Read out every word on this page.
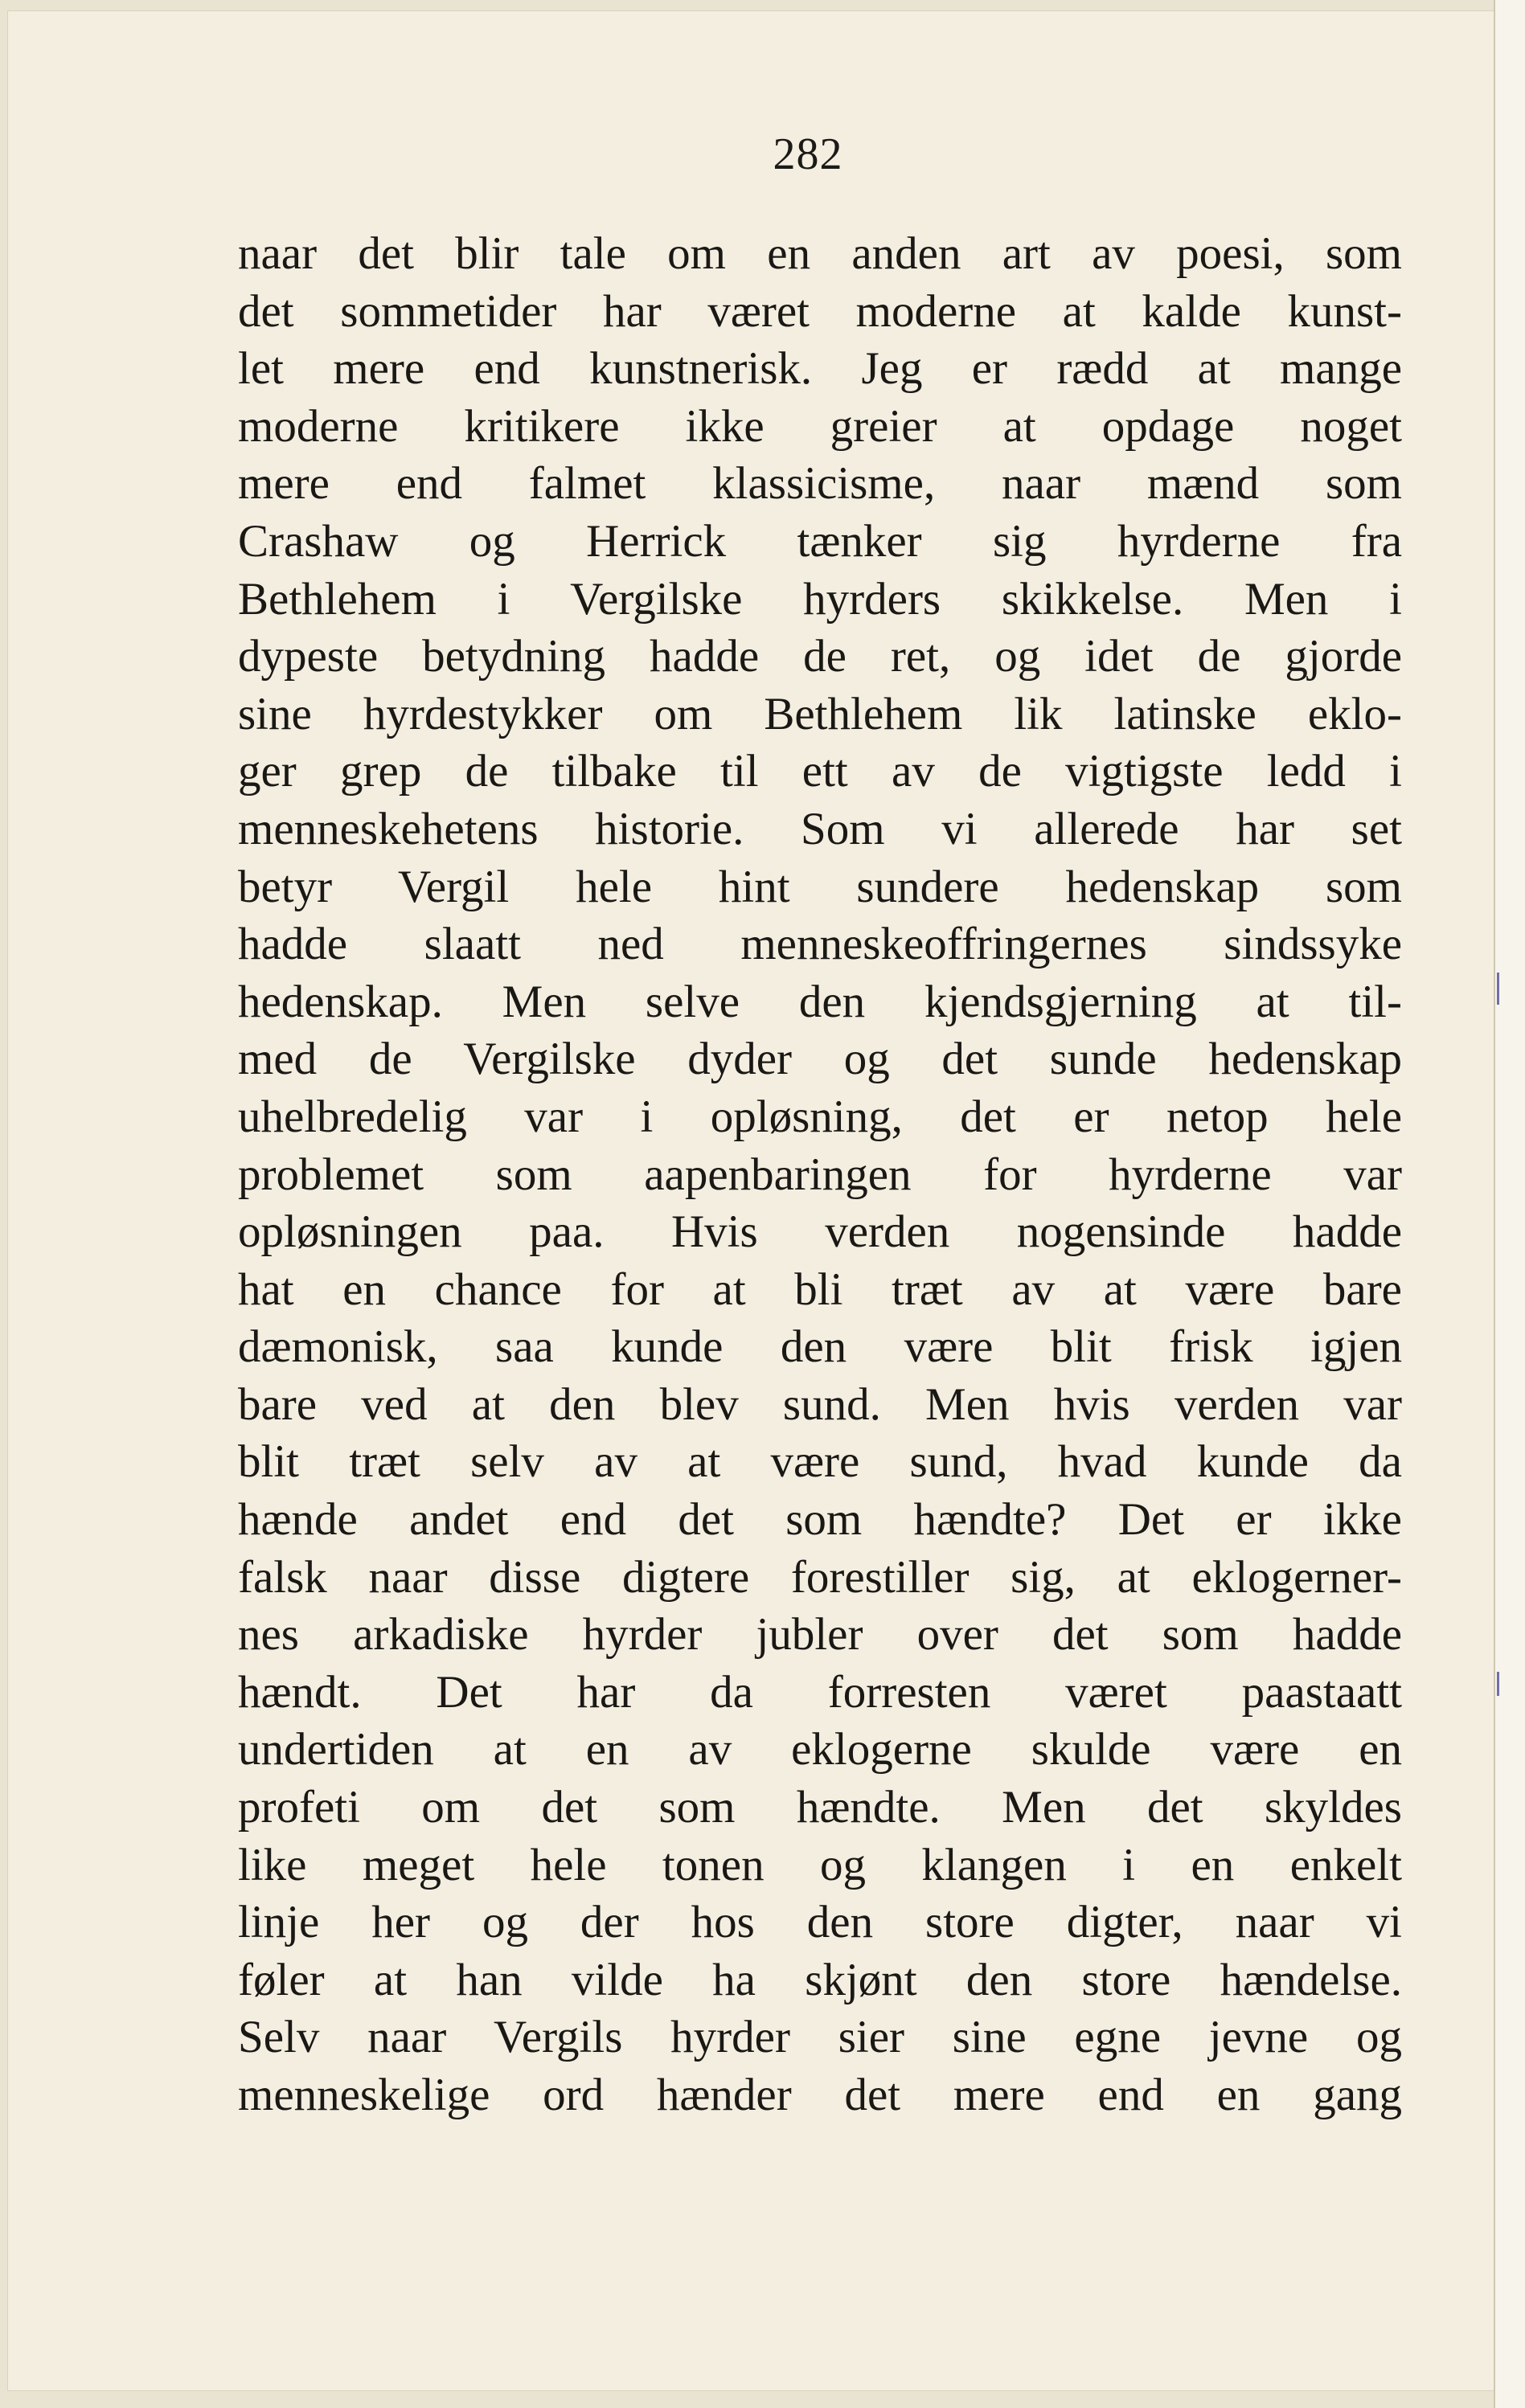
282
naar det blir tale om en anden art av poesi, som
det sommetider har været moderne at kalde kunst-
let mere end kunstnerisk. Jeg er rædd at mange
moderne kritikere ikke greier at opdage noget
mere end falmet klassicisme, naar mænd som
Crashaw og Herrick tænker sig hyrderne fra
Bethlehem i Vergilske hyrders skikkelse. Men i
dypeste betydning hadde de ret, og idet de gjorde
sine hyrdestykker om Bethlehem lik latinske eklo-
ger grep de tilbake til ett av de vigtigste ledd i
menneskehetens historie. Som vi allerede har set
betyr Vergil hele hint sundere hedenskap som
hadde slaatt ned menneskeoffringernes sindssyke
hedenskap. Men selve den kjendsgjerning at til-
med de Vergilske dyder og det sunde hedenskap
uhelbredelig var i opløsning, det er netop hele
problemet som aapenbaringen for hyrderne var
opløsningen paa. Hvis verden nogensinde hadde
hat en chance for at bli træt av at være bare
dæmonisk, saa kunde den være blit frisk igjen
bare ved at den blev sund. Men hvis verden var
blit træt selv av at være sund, hvad kunde da
hænde andet end det som hændte? Det er ikke
falsk naar disse digtere forestiller sig, at eklogerner-
nes arkadiske hyrder jubler over det som hadde
hændt. Det har da forresten været paastaatt
undertiden at en av eklogerne skulde være en
profeti om det som hændte. Men det skyldes
like meget hele tonen og klangen i en enkelt
linje her og der hos den store digter, naar vi
føler at han vilde ha skjønt den store hændelse.
Selv naar Vergils hyrder sier sine egne jevne og
menneskelige ord hænder det mere end en gang
